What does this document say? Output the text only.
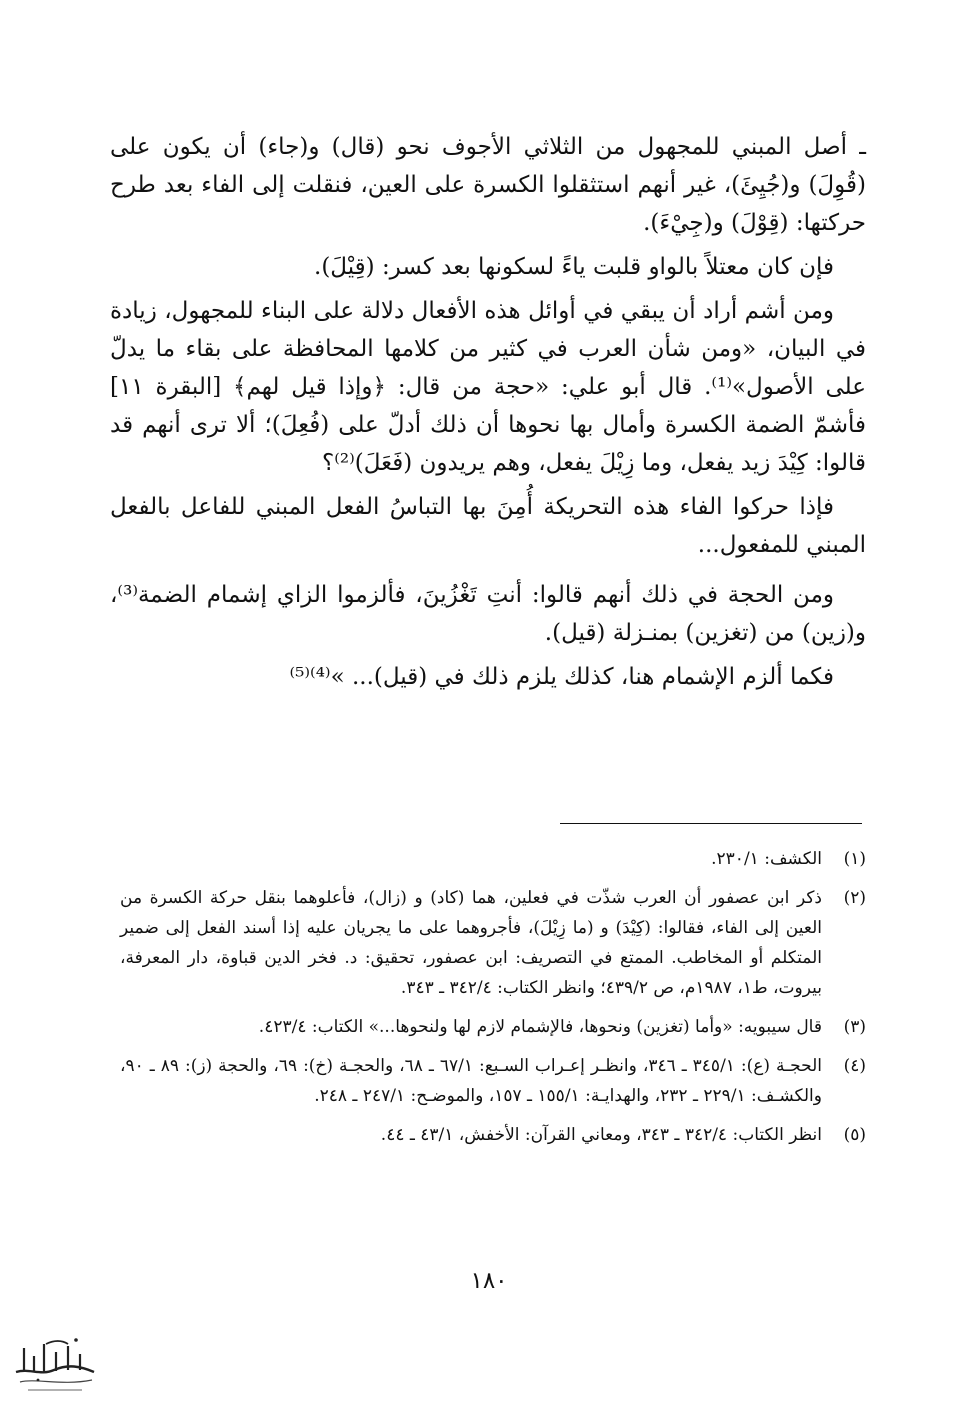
ـ أصل المبني للمجهول من الثلاثي الأجوف نحو (قال) و(جاء) أن يكون على (قُوِلَ) و(جُيِئَ)، غير أنهم استثقلوا الكسرة على العين، فنقلت إلى الفاء بعد طرح حركتها: (قِوْلَ) و(جِيْءَ).

فإن كان معتلاً بالواو قلبت ياءً لسكونها بعد كسر: (قِيْلَ).

ومن أشم أراد أن يبقي في أوائل هذه الأفعال دلالة على البناء للمجهول، زيادة في البيان، «ومن شأن العرب في كثير من كلامها المحافظة على بقاء ما يدلّ على الأصول»⁽¹⁾. قال أبو علي: «حجة من قال: ﴿وإذا قيل لهم﴾ [البقرة ١١] فأشمّ الضمة الكسرة وأمال بها نحوها أن ذلك أدلّ على (فُعِلَ)؛ ألا ترى أنهم قد قالوا: كِيْدَ زيد يفعل، وما زِيْلَ يفعل، وهم يريدون (فَعَلَ)⁽²⁾؟

فإذا حركوا الفاء هذه التحريكة أُمِنَ بها التباسُ الفعل المبني للفاعل بالفعل المبني للمفعول...

ومن الحجة في ذلك أنهم قالوا: أنتِ تَغْزُينَ، فألزموا الزاي إشمام الضمة⁽³⁾، و(زين) من (تغزين) بمنـزلة (قيل).

فكما ألزم الإشمام هنا، كذلك يلزم ذلك في (قيل)... »⁽⁴⁾⁽⁵⁾

(١)
الكشف: ٢٣٠/١.
(٢)
ذكر ابن عصفور أن العرب شذّت في فعلين، هما (كاد) و (زال)، فأعلوهما بنقل حركة الكسرة من العين إلى الفاء، فقالوا: (كِيْدَ) و (ما زِيْلَ)، فأجروهما على ما يجريان عليه إذا أسند الفعل إلى ضمير المتكلم أو المخاطب. الممتع في التصريف: ابن عصفور، تحقيق: د. فخر الدين قباوة، دار المعرفة، بيروت، ط١، ١٩٨٧م، ص ٤٣٩/٢؛ وانظر الكتاب: ٣٤٢/٤ ـ ٣٤٣.
(٣)
قال سيبويه: «وأما (تغزين) ونحوها، فالإشمام لازم لها ولنحوها...» الكتاب: ٤٢٣/٤.
(٤)
الحجـة (ع): ٣٤٥/١ ـ ٣٤٦، وانظـر إعـراب السـبع: ٦٧/١ ـ ٦٨، والحجـة (خ): ٦٩، والحجة (ز): ٨٩ ـ ٩٠، والكشـف: ٢٢٩/١ ـ ٢٣٢، والهدايـة: ١٥٥/١ ـ ١٥٧، والموضـح: ٢٤٧/١ ـ ٢٤٨.
(٥)
انظر الكتاب: ٣٤٢/٤ ـ ٣٤٣، ومعاني القرآن: الأخفش، ٤٣/١ ـ ٤٤.
١٨٠
